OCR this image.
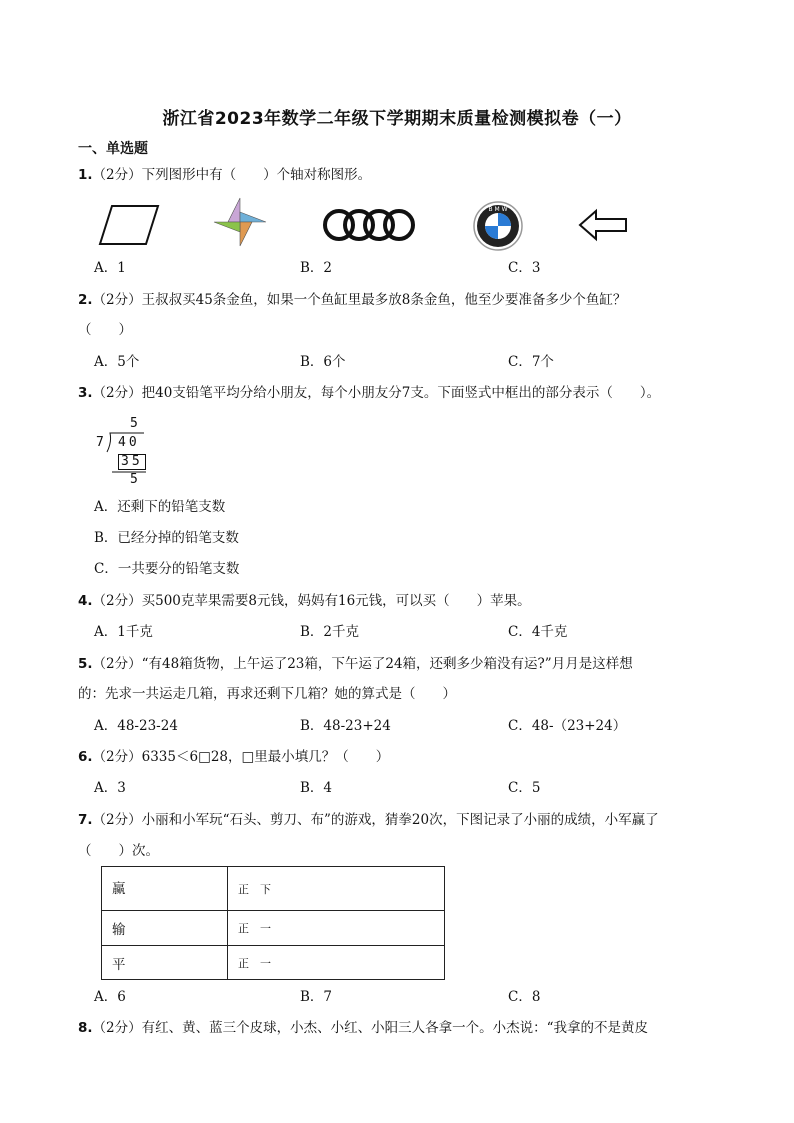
浙江省2023年数学二年级下学期期末质量检测模拟卷（一）
一、单选题
1.（2分）下列图形中有（　　）个轴对称图形。
B M W
A．1	B．2	C．3
2.（2分）王叔叔买45条金鱼，如果一个鱼缸里最多放8条金鱼，他至少要准备多少个鱼缸？
（　　）
A．5个	B．6个	C．7个
3.（2分）把40支铅笔平均分给小朋友，每个小朋友分7支。下面竖式中框出的部分表示（　　）。
5
7 40
35
5
A．还剩下的铅笔支数
B．已经分掉的铅笔支数
C．一共要分的铅笔支数
4.（2分）买500克苹果需要8元钱，妈妈有16元钱，可以买（　　）苹果。
A．1千克	B．2千克	C．4千克
5.（2分）“有48箱货物，上午运了23箱，下午运了24箱，还剩多少箱没有运?”月月是这样想
的：先求一共运走几箱，再求还剩下几箱？她的算式是（　　）
A．48-23-24	B．48-23+24	C．48-（23+24）
6.（2分）6335＜6□28，□里最小填几？（　　）
A．3	B．4	C．5
7.（2分）小丽和小军玩“石头、剪刀、布”的游戏，猜拳20次，下图记录了小丽的成绩，小军赢了
（　　）次。
赢	正　下
输	正　一
平	正　一
A．6	B．7	C．8
8.（2分）有红、黄、蓝三个皮球，小杰、小红、小阳三人各拿一个。小杰说：“我拿的不是黄皮
